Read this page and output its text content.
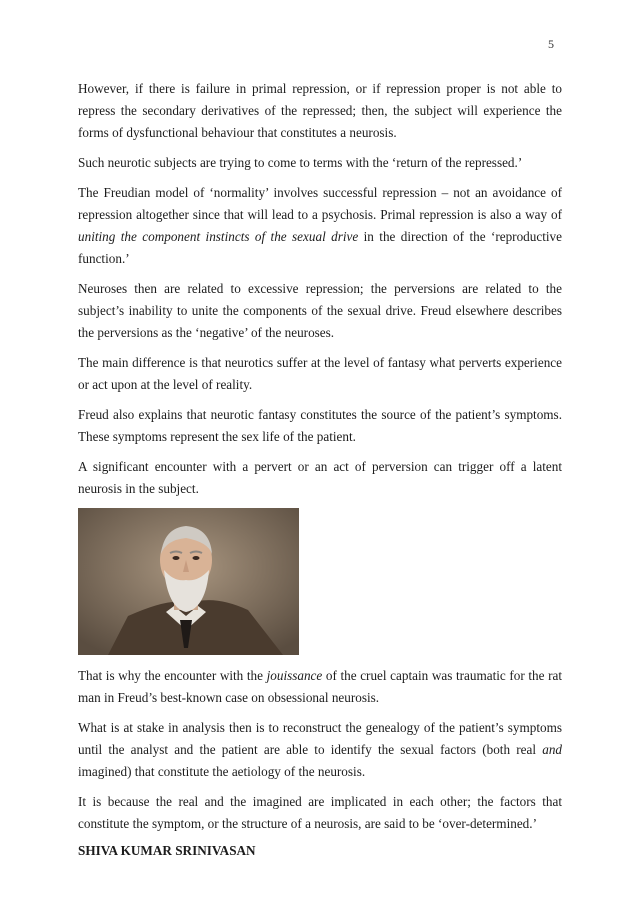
5

However, if there is failure in primal repression, or if repression proper is not able to repress the secondary derivatives of the repressed; then, the subject will experience the forms of dysfunctional behaviour that constitutes a neurosis.

Such neurotic subjects are trying to come to terms with the ‘return of the repressed.’

The Freudian model of ‘normality’ involves successful repression – not an avoidance of repression altogether since that will lead to a psychosis. Primal repression is also a way of uniting the component instincts of the sexual drive in the direction of the ‘reproductive function.’

Neuroses then are related to excessive repression; the perversions are related to the subject’s inability to unite the components of the sexual drive. Freud elsewhere describes the perversions as the ‘negative’ of the neuroses.

The main difference is that neurotics suffer at the level of fantasy what perverts experience or act upon at the level of reality.

Freud also explains that neurotic fantasy constitutes the source of the patient’s symptoms. These symptoms represent the sex life of the patient.

A significant encounter with a pervert or an act of perversion can trigger off a latent neurosis in the subject.

That is why the encounter with the jouissance of the cruel captain was traumatic for the rat man in Freud’s best-known case on obsessional neurosis.

What is at stake in analysis then is to reconstruct the genealogy of the patient’s symptoms until the analyst and the patient are able to identify the sexual factors (both real and imagined) that constitute the aetiology of the neurosis.

It is because the real and the imagined are implicated in each other; the factors that constitute the symptom, or the structure of a neurosis, are said to be ‘over-determined.’

SHIVA KUMAR SRINIVASAN
